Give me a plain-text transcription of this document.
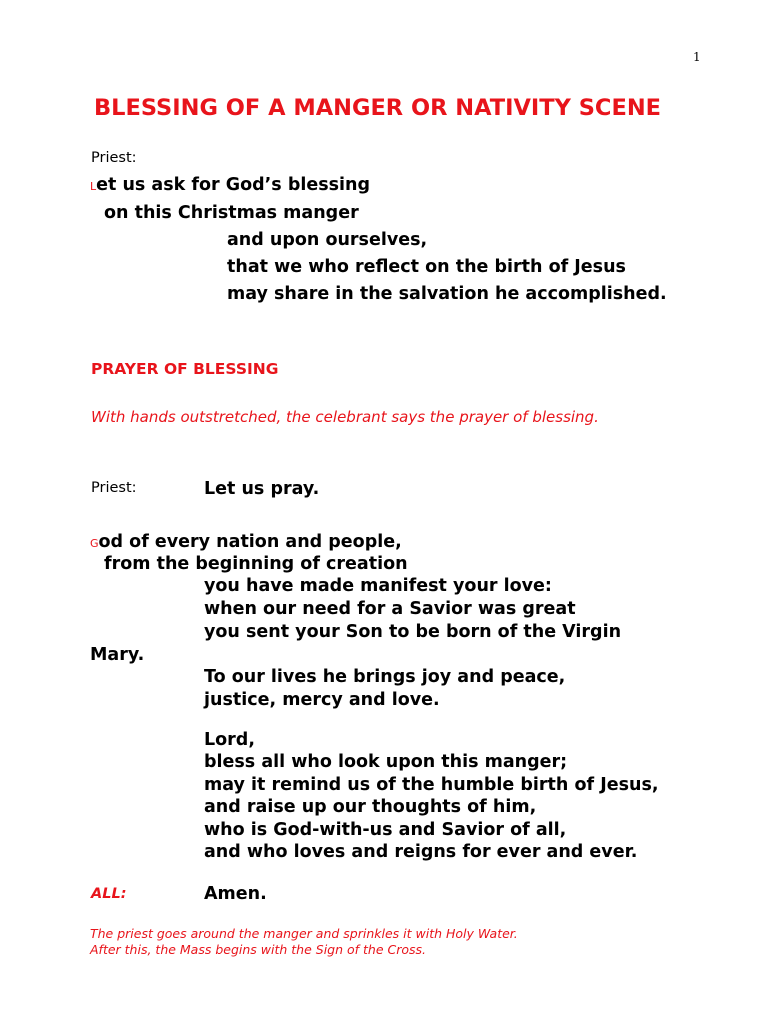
1
BLESSING OF A MANGER OR NATIVITY SCENE
Priest:
Let us ask for God’s blessing
on this Christmas manger
and upon ourselves,
that we who reflect on the birth of Jesus
may share in the salvation he accomplished.
PRAYER OF BLESSING
With hands outstretched, the celebrant says the prayer of blessing.
Priest:	Let us pray.
God of every nation and people,
from the beginning of creation
you have made manifest your love:
when our need for a Savior was great
you sent your Son to be born of the Virgin
Mary.
To our lives he brings joy and peace,
justice, mercy and love.
Lord,
bless all who look upon this manger;
may it remind us of the humble birth of Jesus,
and raise up our thoughts of him,
who is God-with-us and Savior of all,
and who loves and reigns for ever and ever.
ALL:	Amen.
The priest goes around the manger and sprinkles it with Holy Water.
After this, the Mass begins with the Sign of the Cross.
